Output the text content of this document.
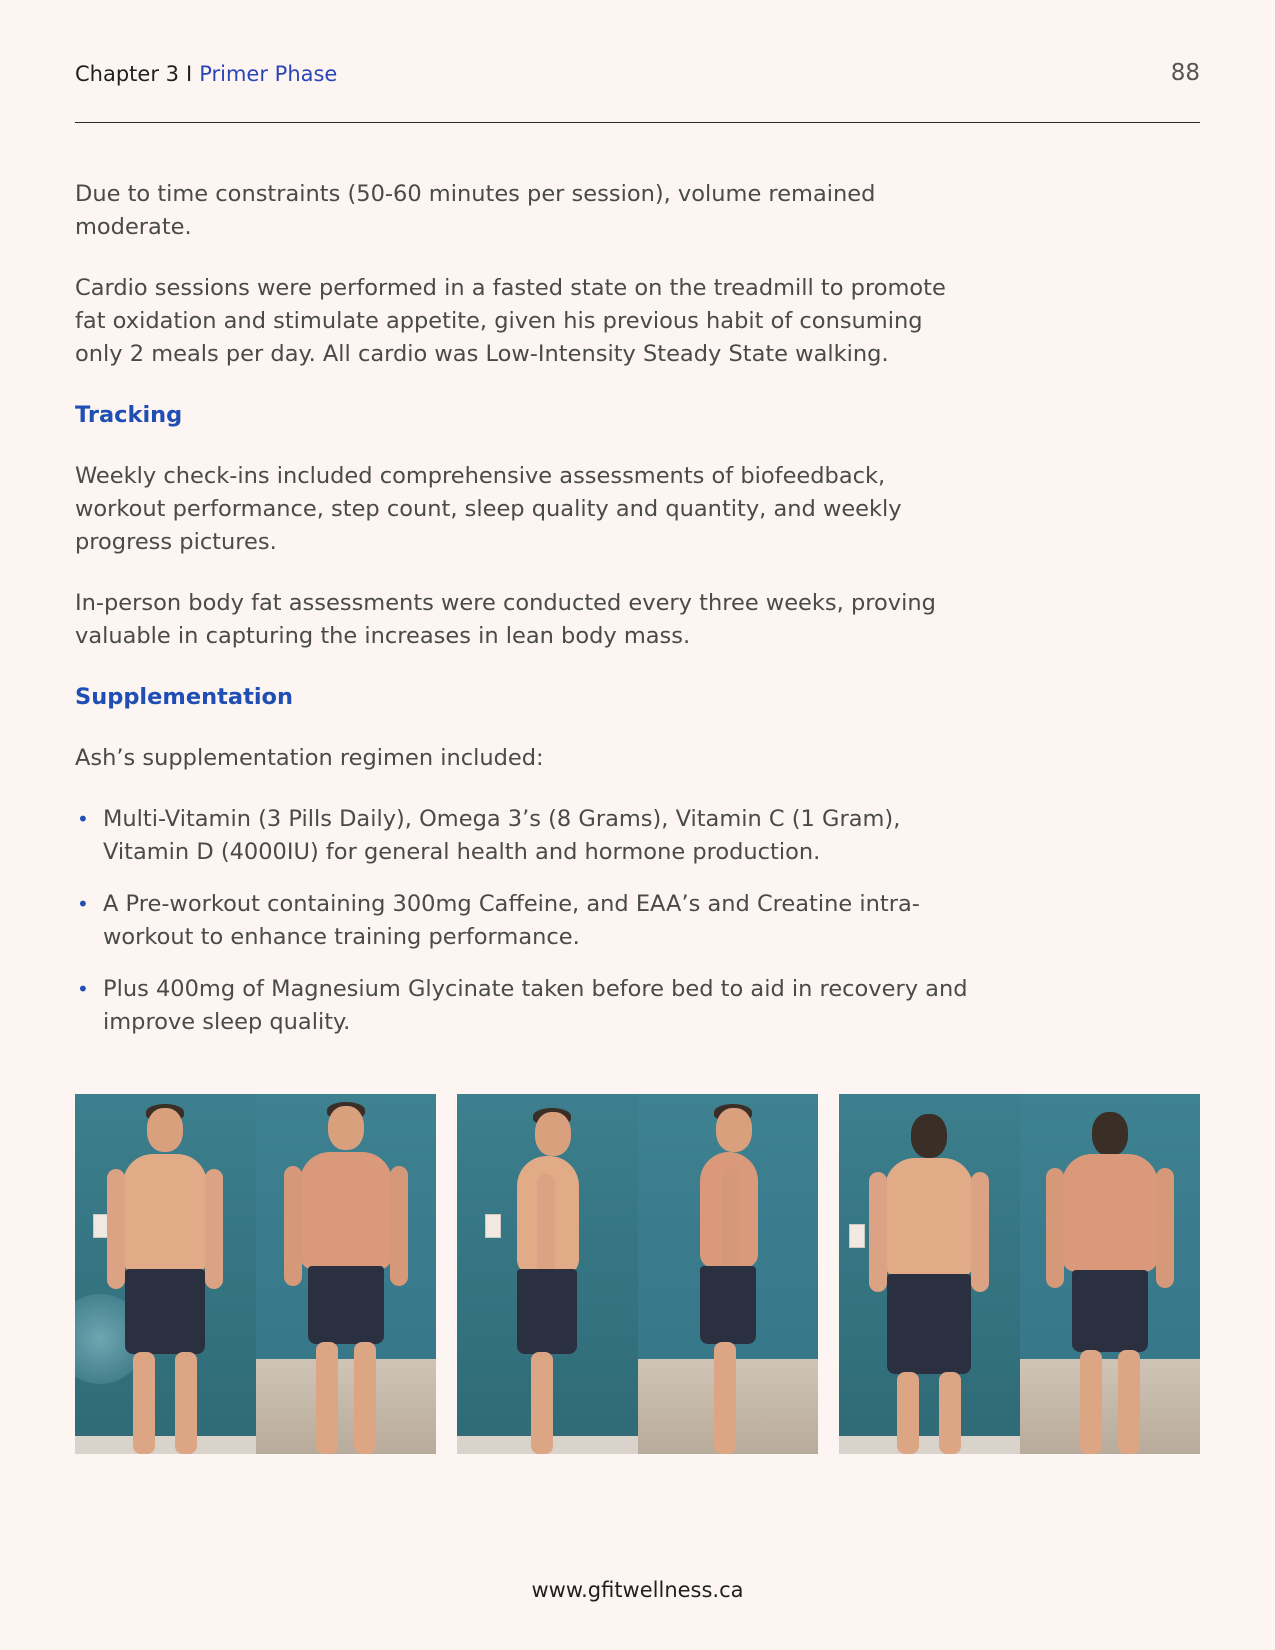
Chapter 3 I Primer Phase	88

Due to time constraints (50-60 minutes per session), volume remained moderate.

Cardio sessions were performed in a fasted state on the treadmill to promote fat oxidation and stimulate appetite, given his previous habit of consuming only 2 meals per day. All cardio was Low-Intensity Steady State walking.

Tracking

Weekly check-ins included comprehensive assessments of biofeedback, workout performance, step count, sleep quality and quantity, and weekly progress pictures.

In-person body fat assessments were conducted every three weeks, proving valuable in capturing the increases in lean body mass.

Supplementation

Ash’s supplementation regimen included:

• Multi-Vitamin (3 Pills Daily), Omega 3’s (8 Grams), Vitamin C (1 Gram), Vitamin D (4000IU) for general health and hormone production.
• A Pre-workout containing 300mg Caffeine, and EAA’s and Creatine intra-workout to enhance training performance.
• Plus 400mg of Magnesium Glycinate taken before bed to aid in recovery and improve sleep quality.
www.gfitwellness.ca
